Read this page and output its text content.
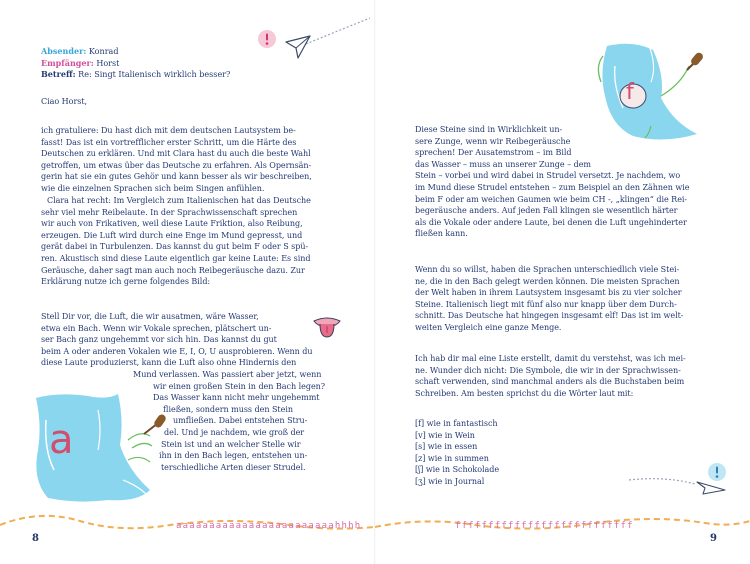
Absender: Konrad
Empfänger: Horst
Betreff: Re: Singt Italienisch wirklich besser?
Ciao Horst,
ich gratuliere: Du hast dich mit dem deutschen Lautsystem be-
fasst! Das ist ein vortrefflicher erster Schritt, um die Härte des
Deutschen zu erklären. Und mit Clara hast du auch die beste Wahl
getroffen, um etwas über das Deutsche zu erfahren. Als Opernsän-
gerin hat sie ein gutes Gehör und kann besser als wir beschreiben,
wie die einzelnen Sprachen sich beim Singen anfühlen.
Clara hat recht: Im Vergleich zum Italienischen hat das Deutsche
sehr viel mehr Reibelaute. In der Sprachwissenschaft sprechen
wir auch von Frikativen, weil diese Laute Friktion, also Reibung,
erzeugen. Die Luft wird durch eine Enge im Mund gepresst, und
gerät dabei in Turbulenzen. Das kannst du gut beim F oder S spü-
ren. Akustisch sind diese Laute eigentlich gar keine Laute: Es sind
Geräusche, daher sagt man auch noch Reibegeräusche dazu. Zur
Erklärung nutze ich gerne folgendes Bild:
Stell Dir vor, die Luft, die wir ausatmen, wäre Wasser,
etwa ein Bach. Wenn wir Vokale sprechen, plätschert un-
ser Bach ganz ungehemmt vor sich hin. Das kannst du gut
beim A oder anderen Vokalen wie E, I, O, U ausprobieren. Wenn du
diese Laute produzierst, kann die Luft also ohne Hindernis den
Mund verlassen. Was passiert aber jetzt, wenn
wir einen großen Stein in den Bach legen?
Das Wasser kann nicht mehr ungehemmt
fließen, sondern muss den Stein
umfließen. Dabei entstehen Stru-
del. Und je nachdem, wie groß der
Stein ist und an welcher Stelle wir
ihn in den Bach legen, entstehen un-
terschiedliche Arten dieser Strudel.
a
aaaaaaaaaaaaaaaaaaaaaaaahhhh
8
f
Diese Steine sind in Wirklichkeit un-
sere Zunge, wenn wir Reibegeräusche
sprechen! Der Ausatemstrom – im Bild
das Wasser – muss an unserer Zunge – dem
Stein – vorbei und wird dabei in Strudel versetzt. Je nachdem, wo
im Mund diese Strudel entstehen – zum Beispiel an den Zähnen wie
beim F oder am weichen Gaumen wie beim CH -, „klingen“ die Rei-
begeräusche anders. Auf jeden Fall klingen sie wesentlich härter
als die Vokale oder andere Laute, bei denen die Luft ungehinderter
fließen kann.
Wenn du so willst, haben die Sprachen unterschiedlich viele Stei-
ne, die in den Bach gelegt werden können. Die meisten Sprachen
der Welt haben in ihrem Lautsystem insgesamt bis zu vier solcher
Steine. Italienisch liegt mit fünf also nur knapp über dem Durch-
schnitt. Das Deutsche hat hingegen insgesamt elf! Das ist im welt-
weiten Vergleich eine ganze Menge.
Ich hab dir mal eine Liste erstellt, damit du verstehst, was ich mei-
ne. Wunder dich nicht: Die Symbole, die wir in der Sprachwissen-
schaft verwenden, sind manchmal anders als die Buchstaben beim
Schreiben. Am besten sprichst du die Wörter laut mit:
[f] wie in fantastisch
[v] wie in Wein
[s] wie in essen
[z] wie in summen
[ʃ] wie in Schokolade
[ʒ] wie in Journal
fffffffffffffffffffffffffff
9
